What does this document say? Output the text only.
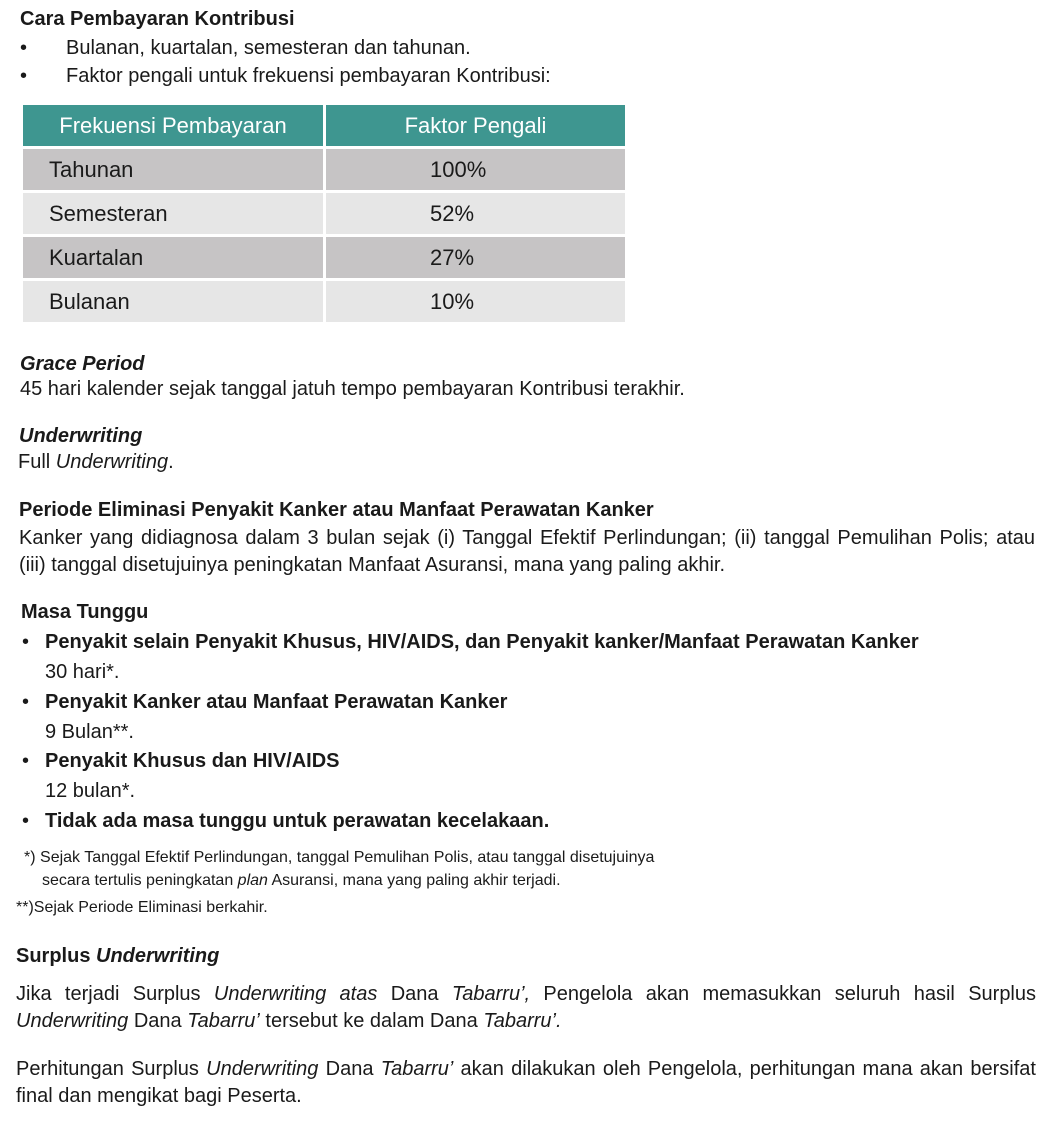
Cara Pembayaran Kontribusi
• Bulanan, kuartalan, semesteran dan tahunan.
• Faktor pengali untuk frekuensi pembayaran Kontribusi:
Frekuensi Pembayaran	Faktor Pengali
Tahunan	100%
Semesteran	52%
Kuartalan	27%
Bulanan	10%
Grace Period
45 hari kalender sejak tanggal jatuh tempo pembayaran Kontribusi terakhir.
Underwriting
Full Underwriting.
Periode Eliminasi Penyakit Kanker atau Manfaat Perawatan Kanker
Kanker yang didiagnosa dalam 3 bulan sejak (i) Tanggal Efektif Perlindungan; (ii) tanggal Pemulihan Polis; atau (iii) tanggal disetujuinya peningkatan Manfaat Asuransi, mana yang paling akhir.
Masa Tunggu
• Penyakit selain Penyakit Khusus, HIV/AIDS, dan Penyakit kanker/Manfaat Perawatan Kanker
30 hari*.
• Penyakit Kanker atau Manfaat Perawatan Kanker
9 Bulan**.
• Penyakit Khusus dan HIV/AIDS
12 bulan*.
• Tidak ada masa tunggu untuk perawatan kecelakaan.
*) Sejak Tanggal Efektif Perlindungan, tanggal Pemulihan Polis, atau tanggal disetujuinya
secara tertulis peningkatan plan Asuransi, mana yang paling akhir terjadi.
**)Sejak Periode Eliminasi berkahir.
Surplus Underwriting
Jika terjadi Surplus Underwriting atas Dana Tabarru’, Pengelola akan memasukkan seluruh hasil Surplus Underwriting Dana Tabarru’ tersebut ke dalam Dana Tabarru’.
Perhitungan Surplus Underwriting Dana Tabarru’ akan dilakukan oleh Pengelola, perhitungan mana akan bersifat final dan mengikat bagi Peserta.
